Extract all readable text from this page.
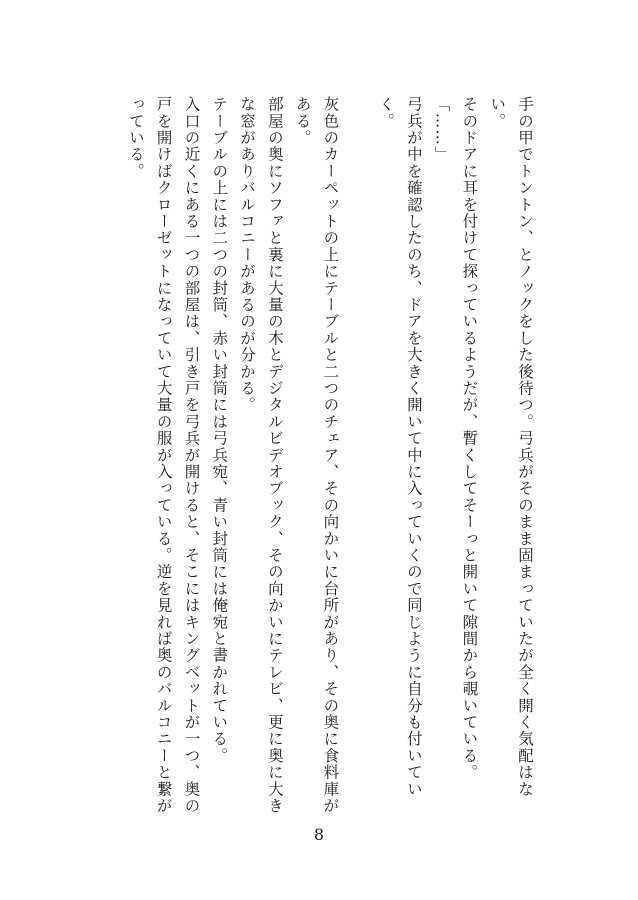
手の甲でトントン、とノックをした後待つ。弓兵がそのまま固まっていたが全く開く気配はない。

そのドアに耳を付けて探っているようだが、暫くしてそーっと開いて隙間から覗いている。

「……」

弓兵が中を確認したのち、ドアを大きく開いて中に入っていくので同じように自分も付いていく。

灰色のカーペットの上にテーブルと二つのチェア、その向かいに台所があり、その奥に食料庫がある。

部屋の奥にソファと裏に大量の木とデジタルビデオブック、その向かいにテレビ、更に奥に大きな窓がありバルコニーがあるのが分かる。

テーブルの上には二つの封筒、赤い封筒には弓兵宛、青い封筒には俺宛と書かれている。

入口の近くにある一つの部屋は、引き戸を弓兵が開けると、そこにはキングベットが一つ、奥の戸を開けばクローゼットになっていて大量の服が入っている。逆を見れば奥のバルコニーと繋がっている。

8
